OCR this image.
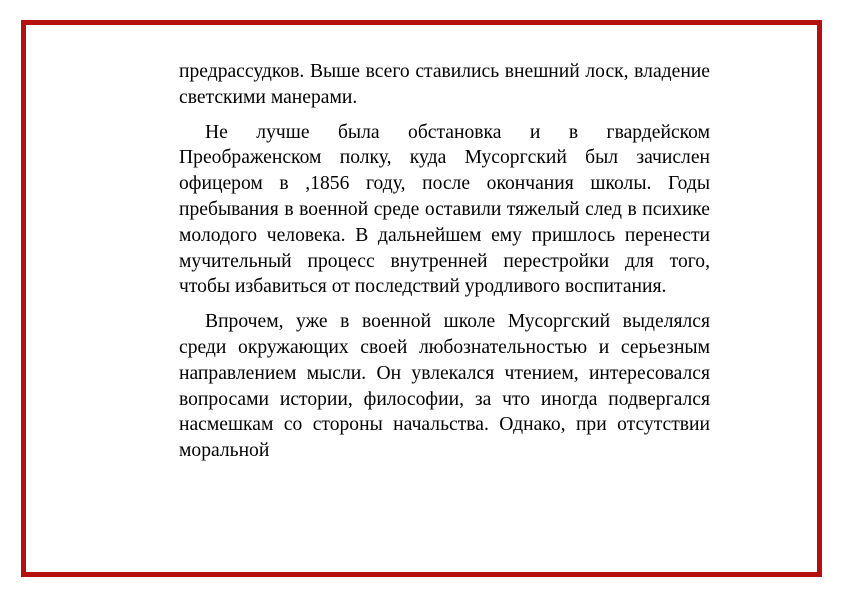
предрассудков. Выше всего ставились внешний лоск, владение светскими манерами.

Не лучше была обстановка и в гвардейском Преображенском полку, куда Мусоргский был зачислен офицером в ,1856 году, после окончания школы. Годы пребывания в военной среде оставили тяжелый след в психике молодого человека. В дальнейшем ему пришлось перенести мучительный процесс внутренней перестройки для того, чтобы избавиться от последствий уродливого воспитания.

Впрочем, уже в военной школе Мусоргский выделялся среди окружающих своей любознательностью и серьезным направлением мысли. Он увлекался чтением, интересовался вопросами истории, философии, за что иногда подвергался насмешкам со стороны начальства. Однако, при отсутствии моральной
